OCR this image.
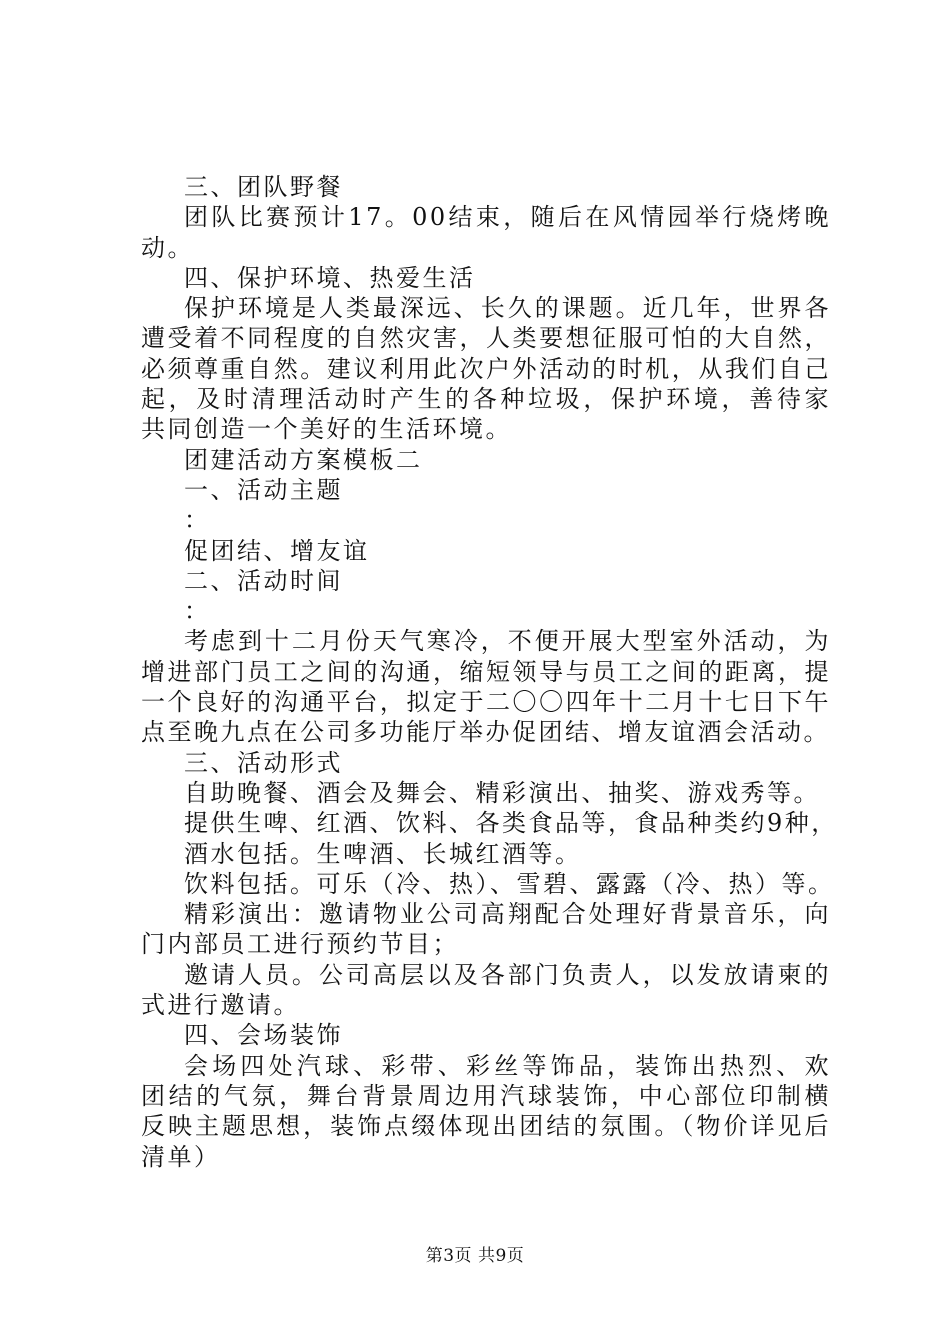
三、团队野餐
团队比赛预计17。00结束，随后在风情园举行烧烤晚
动。
四、保护环境、热爱生活
保护环境是人类最深远、长久的课题。近几年，世界各
遭受着不同程度的自然灾害，人类要想征服可怕的大自然，
必须尊重自然。建议利用此次户外活动的时机，从我们自己
起，及时清理活动时产生的各种垃圾，保护环境，善待家
共同创造一个美好的生活环境。
团建活动方案模板二
一、活动主题
：
促团结、增友谊
二、活动时间
：
考虑到十二月份天气寒冷，不便开展大型室外活动，为
增进部门员工之间的沟通，缩短领导与员工之间的距离，提
一个良好的沟通平台，拟定于二〇〇四年十二月十七日下午
点至晚九点在公司多功能厅举办促团结、增友谊酒会活动。
三、活动形式
自助晚餐、酒会及舞会、精彩演出、抽奖、游戏秀等。
提供生啤、红酒、饮料、各类食品等，食品种类约9种，
酒水包括。生啤酒、长城红酒等。
饮料包括。可乐（冷、热）、雪碧、露露（冷、热）等。
精彩演出：邀请物业公司高翔配合处理好背景音乐，向
门内部员工进行预约节目；
邀请人员。公司高层以及各部门负责人，以发放请柬的
式进行邀请。
四、会场装饰
会场四处汽球、彩带、彩丝等饰品，装饰出热烈、欢
团结的气氛，舞台背景周边用汽球装饰，中心部位印制横
反映主题思想，装饰点缀体现出团结的氛围。（物价详见后
清单）
第3页 共9页
